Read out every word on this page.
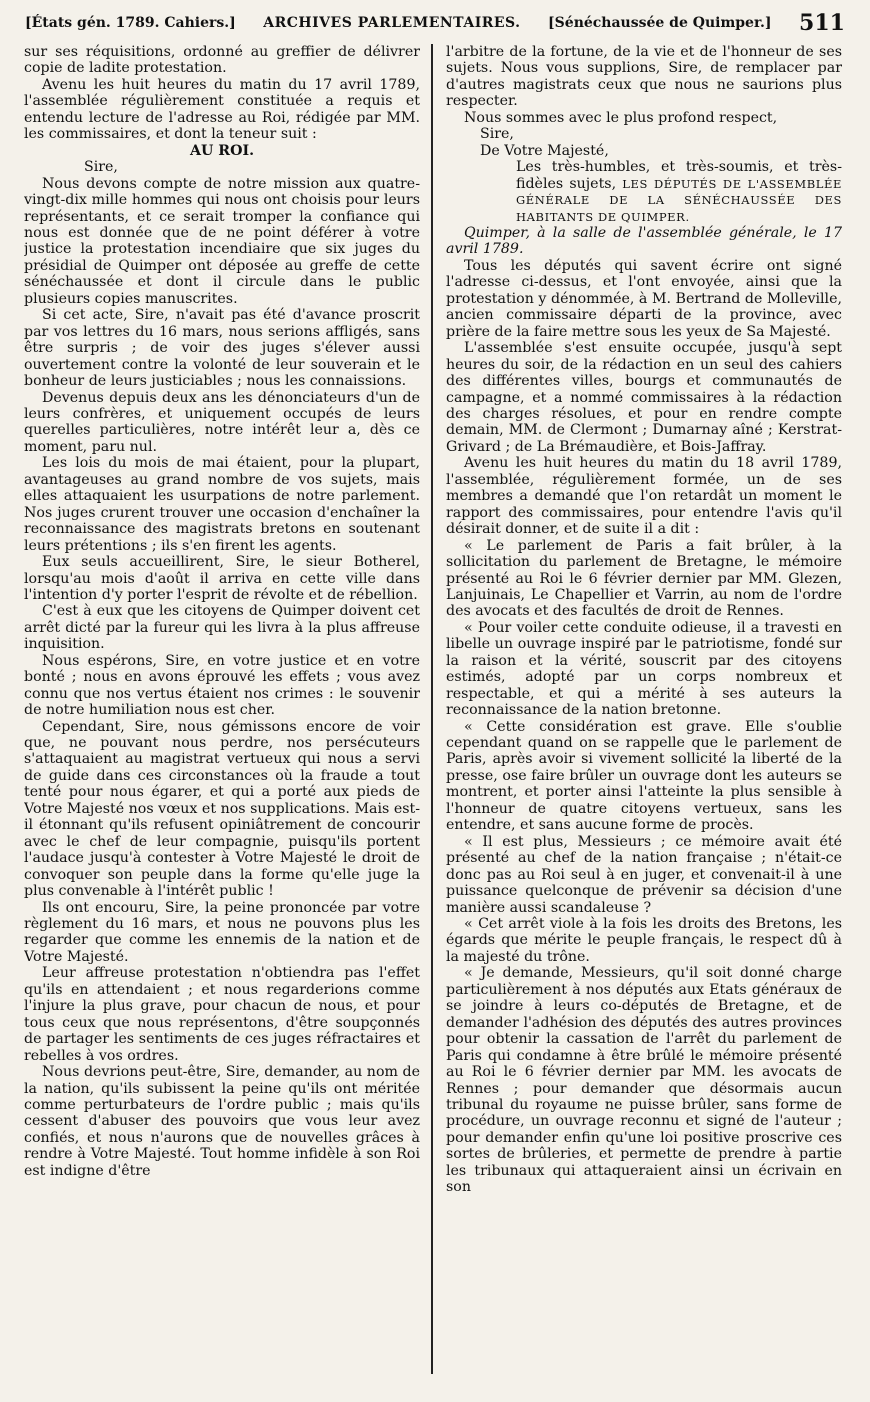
[États gén. 1789. Cahiers.] ARCHIVES PARLEMENTAIRES. [Sénéchaussée de Quimper.] 511

sur ses réquisitions, ordonné au greffier de délivrer copie de ladite protestation.

Avenu les huit heures du matin du 17 avril 1789, l'assemblée régulièrement constituée a requis et entendu lecture de l'adresse au Roi, rédigée par MM. les commissaires, et dont la teneur suit :

AU ROI.

Sire,

Nous devons compte de notre mission aux quatre-vingt-dix mille hommes qui nous ont choisis pour leurs représentants, et ce serait tromper la confiance qui nous est donnée que de ne point déférer à votre justice la protestation incendiaire que six juges du présidial de Quimper ont déposée au greffe de cette sénéchaussée et dont il circule dans le public plusieurs copies manuscrites.

Si cet acte, Sire, n'avait pas été d'avance proscrit par vos lettres du 16 mars, nous serions affligés, sans être surpris ; de voir des juges s'élever aussi ouvertement contre la volonté de leur souverain et le bonheur de leurs justiciables ; nous les connaissions.

Devenus depuis deux ans les dénonciateurs d'un de leurs confrères, et uniquement occupés de leurs querelles particulières, notre intérêt leur a, dès ce moment, paru nul.

Les lois du mois de mai étaient, pour la plupart, avantageuses au grand nombre de vos sujets, mais elles attaquaient les usurpations de notre parlement. Nos juges crurent trouver une occasion d'enchaîner la reconnaissance des magistrats bretons en soutenant leurs prétentions ; ils s'en firent les agents.

Eux seuls accueillirent, Sire, le sieur Botherel, lorsqu'au mois d'août il arriva en cette ville dans l'intention d'y porter l'esprit de révolte et de rébellion.

C'est à eux que les citoyens de Quimper doivent cet arrêt dicté par la fureur qui les livra à la plus affreuse inquisition.

Nous espérons, Sire, en votre justice et en votre bonté ; nous en avons éprouvé les effets ; vous avez connu que nos vertus étaient nos crimes : le souvenir de notre humiliation nous est cher.

Cependant, Sire, nous gémissons encore de voir que, ne pouvant nous perdre, nos persécuteurs s'attaquaient au magistrat vertueux qui nous a servi de guide dans ces circonstances où la fraude a tout tenté pour nous égarer, et qui a porté aux pieds de Votre Majesté nos vœux et nos supplications. Mais est-il étonnant qu'ils refusent opiniâtrement de concourir avec le chef de leur compagnie, puisqu'ils portent l'audace jusqu'à contester à Votre Majesté le droit de convoquer son peuple dans la forme qu'elle juge la plus convenable à l'intérêt public !

Ils ont encouru, Sire, la peine prononcée par votre règlement du 16 mars, et nous ne pouvons plus les regarder que comme les ennemis de la nation et de Votre Majesté.

Leur affreuse protestation n'obtiendra pas l'effet qu'ils en attendaient ; et nous regarderions comme l'injure la plus grave, pour chacun de nous, et pour tous ceux que nous représentons, d'être soupçonnés de partager les sentiments de ces juges réfractaires et rebelles à vos ordres.

Nous devrions peut-être, Sire, demander, au nom de la nation, qu'ils subissent la peine qu'ils ont méritée comme perturbateurs de l'ordre public ; mais qu'ils cessent d'abuser des pouvoirs que vous leur avez confiés, et nous n'aurons que de nouvelles grâces à rendre à Votre Majesté. Tout homme infidèle à son Roi est indigne d'être

l'arbitre de la fortune, de la vie et de l'honneur de ses sujets. Nous vous supplions, Sire, de remplacer par d'autres magistrats ceux que nous ne saurions plus respecter.

Nous sommes avec le plus profond respect,

Sire,

De Votre Majesté,

Les très-humbles, et très-soumis, et très-fidèles sujets, LES DÉPUTÉS DE L'ASSEMBLÉE GÉNÉRALE DE LA SÉNÉCHAUSSÉE DES HABITANTS DE QUIMPER.

Quimper, à la salle de l'assemblée générale, le 17 avril 1789.

Tous les députés qui savent écrire ont signé l'adresse ci-dessus, et l'ont envoyée, ainsi que la protestation y dénommée, à M. Bertrand de Molleville, ancien commissaire départi de la province, avec prière de la faire mettre sous les yeux de Sa Majesté.

L'assemblée s'est ensuite occupée, jusqu'à sept heures du soir, de la rédaction en un seul des cahiers des différentes villes, bourgs et communautés de campagne, et a nommé commissaires à la rédaction des charges résolues, et pour en rendre compte demain, MM. de Clermont ; Dumarnay aîné ; Kerstrat-Grivard ; de La Brémaudière, et Bois-Jaffray.

Avenu les huit heures du matin du 18 avril 1789, l'assemblée, régulièrement formée, un de ses membres a demandé que l'on retardât un moment le rapport des commissaires, pour entendre l'avis qu'il désirait donner, et de suite il a dit :

« Le parlement de Paris a fait brûler, à la sollicitation du parlement de Bretagne, le mémoire présenté au Roi le 6 février dernier par MM. Glezen, Lanjuinais, Le Chapellier et Varrin, au nom de l'ordre des avocats et des facultés de droit de Rennes.

« Pour voiler cette conduite odieuse, il a travesti en libelle un ouvrage inspiré par le patriotisme, fondé sur la raison et la vérité, souscrit par des citoyens estimés, adopté par un corps nombreux et respectable, et qui a mérité à ses auteurs la reconnaissance de la nation bretonne.

« Cette considération est grave. Elle s'oublie cependant quand on se rappelle que le parlement de Paris, après avoir si vivement sollicité la liberté de la presse, ose faire brûler un ouvrage dont les auteurs se montrent, et porter ainsi l'atteinte la plus sensible à l'honneur de quatre citoyens vertueux, sans les entendre, et sans aucune forme de procès.

« Il est plus, Messieurs ; ce mémoire avait été présenté au chef de la nation française ; n'était-ce donc pas au Roi seul à en juger, et convenait-il à une puissance quelconque de prévenir sa décision d'une manière aussi scandaleuse ?

« Cet arrêt viole à la fois les droits des Bretons, les égards que mérite le peuple français, le respect dû à la majesté du trône.

« Je demande, Messieurs, qu'il soit donné charge particulièrement à nos députés aux Etats généraux de se joindre à leurs co-députés de Bretagne, et de demander l'adhésion des députés des autres provinces pour obtenir la cassation de l'arrêt du parlement de Paris qui condamne à être brûlé le mémoire présenté au Roi le 6 février dernier par MM. les avocats de Rennes ; pour demander que désormais aucun tribunal du royaume ne puisse brûler, sans forme de procédure, un ouvrage reconnu et signé de l'auteur ; pour demander enfin qu'une loi positive proscrive ces sortes de brûleries, et permette de prendre à partie les tribunaux qui attaqueraient ainsi un écrivain en son
